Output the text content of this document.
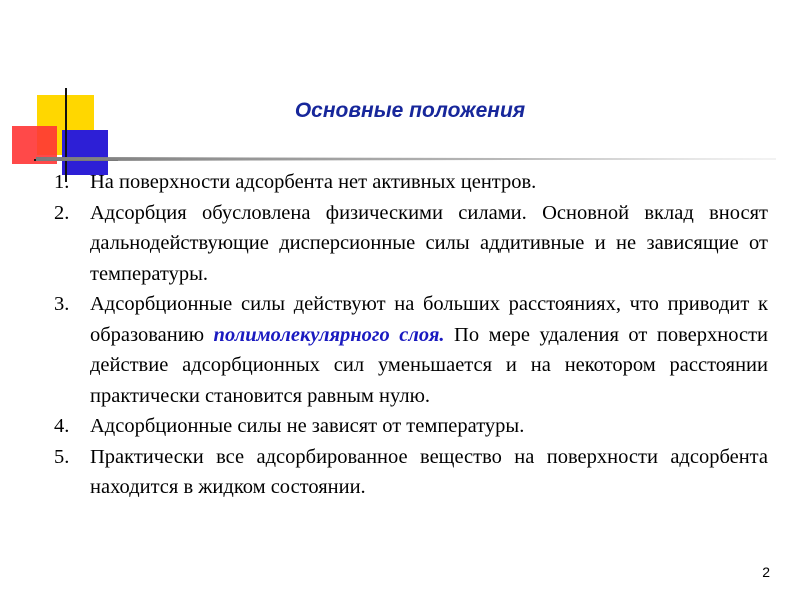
Основные положения
1.	На поверхности адсорбента нет активных центров.
2.	Адсорбция обусловлена физическими силами. Основной вклад вносят дальнодействующие дисперсионные силы аддитивные и не зависящие от температуры.
3.	Адсорбционные силы действуют на больших расстояниях, что приводит к образованию полимолекулярного слоя. По мере удаления от поверхности действие адсорбционных сил уменьшается и на некотором расстоянии практически становится равным нулю.
4.	Адсорбционные силы не зависят от температуры.
5.	Практически все адсорбированное вещество на поверхности адсорбента находится в жидком состоянии.
2
